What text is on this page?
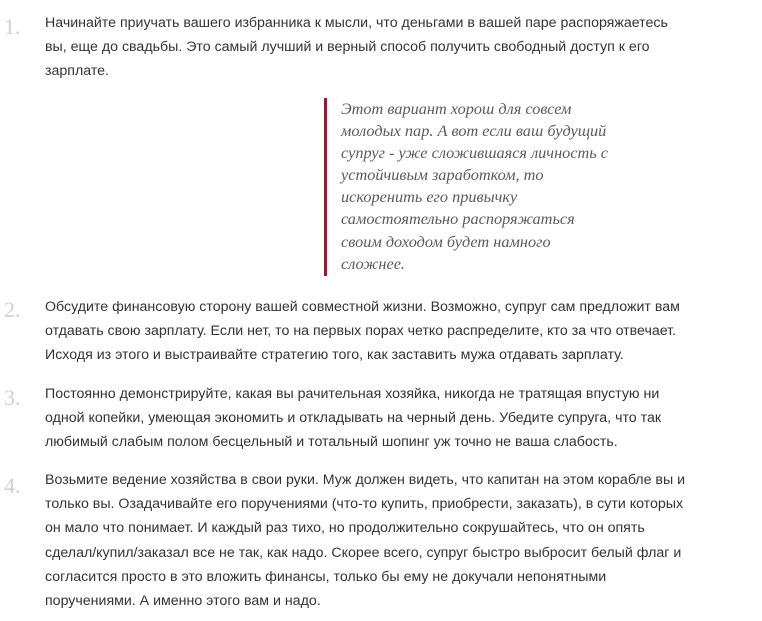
1.	Начинайте приучать вашего избранника к мысли, что деньгами в вашей паре распоряжаетесь
вы, еще до свадьбы. Это самый лучший и верный способ получить свободный доступ к его
зарплате.

Этот вариант хорош для совсем
молодых пар. А вот если ваш будущий
супруг - уже сложившаяся личность с
устойчивым заработком, то
искоренить его привычку
самостоятельно распоряжаться
своим доходом будет намного
сложнее.

2.	Обсудите финансовую сторону вашей совместной жизни. Возможно, супруг сам предложит вам
отдавать свою зарплату. Если нет, то на первых порах четко распределите, кто за что отвечает.
Исходя из этого и выстраивайте стратегию того, как заставить мужа отдавать зарплату.

3.	Постоянно демонстрируйте, какая вы рачительная хозяйка, никогда не тратящая впустую ни
одной копейки, умеющая экономить и откладывать на черный день. Убедите супруга, что так
любимый слабым полом бесцельный и тотальный шопинг уж точно не ваша слабость.

4.	Возьмите ведение хозяйства в свои руки. Муж должен видеть, что капитан на этом корабле вы и
только вы. Озадачивайте его поручениями (что-то купить, приобрести, заказать), в сути которых
он мало что понимает. И каждый раз тихо, но продолжительно сокрушайтесь, что он опять
сделал/купил/заказал все не так, как надо. Скорее всего, супруг быстро выбросит белый флаг и
согласится просто в это вложить финансы, только бы ему не докучали непонятными
поручениями. А именно этого вам и надо.
